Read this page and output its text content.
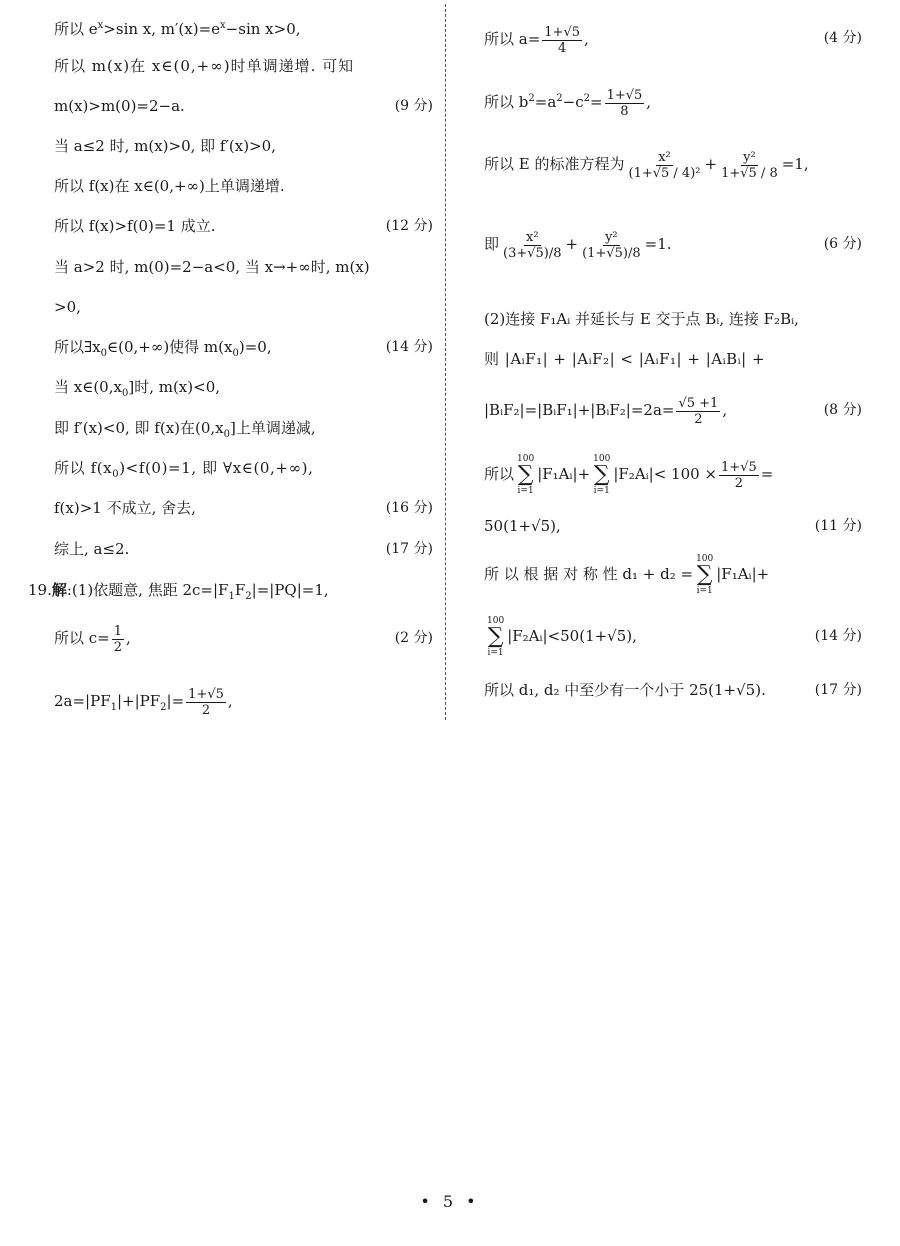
所以 $e^x>\sin$ x, $m'(x)=e^x-\sin$ x>0,
所以 m(x)在 x∈(0,+∞)时单调递增. 可知
m(x)>m(0)=2−a.	(9 分)
当 a≤2 时, m(x)>0, 即 f′(x)>0,
所以 f(x)在 x∈(0,+∞)上单调递增.
所以 f(x)>f(0)=1 成立.	(12 分)
当 a>2 时, m(0)=2−a<0, 当 x→+∞时, m(x)
>0,
所以$\exists x_0\in(0,+\infty)$使得 $m(x_0)=0$,	(14 分)
当 $x\in(0,x_0]$时, m(x)<0,
即 f′(x)<0, 即 f(x)在$(0,x_0]$上单调递减,
所以 $f(x_0)<f(0)=1$, 即 ∀x∈(0,+∞),
f(x)>1 不成立, 舍去,	(16 分)
综上, a≤2.	(17 分)
19.解:(1)依题意, 焦距 $2c=|F_1F_2|=|PQ|=1$,
所以 $c= \frac{1}{2}$ ,	(2 分)
$2a=|PF_1|+|PF_2|= \frac{1+√5}{2}$ ,
所以 $a= \frac{1+√5}{4}$ ,	(4 分)
所以 $b^2=a^2-c^2= \frac{1+√5}{8}$ ,
所以 E 的标准方程为 $\frac{\text{x²}}{\text{(1+√5 / 4)²}} + \frac{\text{y²}}{1+√5 / 8} =1$,
即 $\frac{\text{x²}}{(3+√5)/8} + \frac{\text{y²}}{(1+√5)/8} =1$.	(6 分)
(2)连接 F₁Aᵢ 并延长与 E 交于点 Bᵢ, 连接 F₂Bᵢ,
则 |AᵢF₁| + |AᵢF₂| < |AᵢF₁| + |AᵢBᵢ| +
|BᵢF₂|=|BᵢF₁|+|BᵢF₂|=2a= $\frac{√5 +1}{2}$ ,	(8 分)
所以
100
∑
i=1
|F₁Aᵢ|+
100
∑
i=1
|F₂Aᵢ|< $100 \times \frac{1+√5}{2}$ =
50(1+√5),	(11 分)
所 以 根 据 对 称 性 d₁ + d₂ =
100
∑
i=1
|F₁Aᵢ|+
100
∑
i=1
|F₂Aᵢ|<50(1+√5),	(14 分)
所以 d₁, d₂ 中至少有一个小于 25(1+√5).	(17 分)
• 5 •
